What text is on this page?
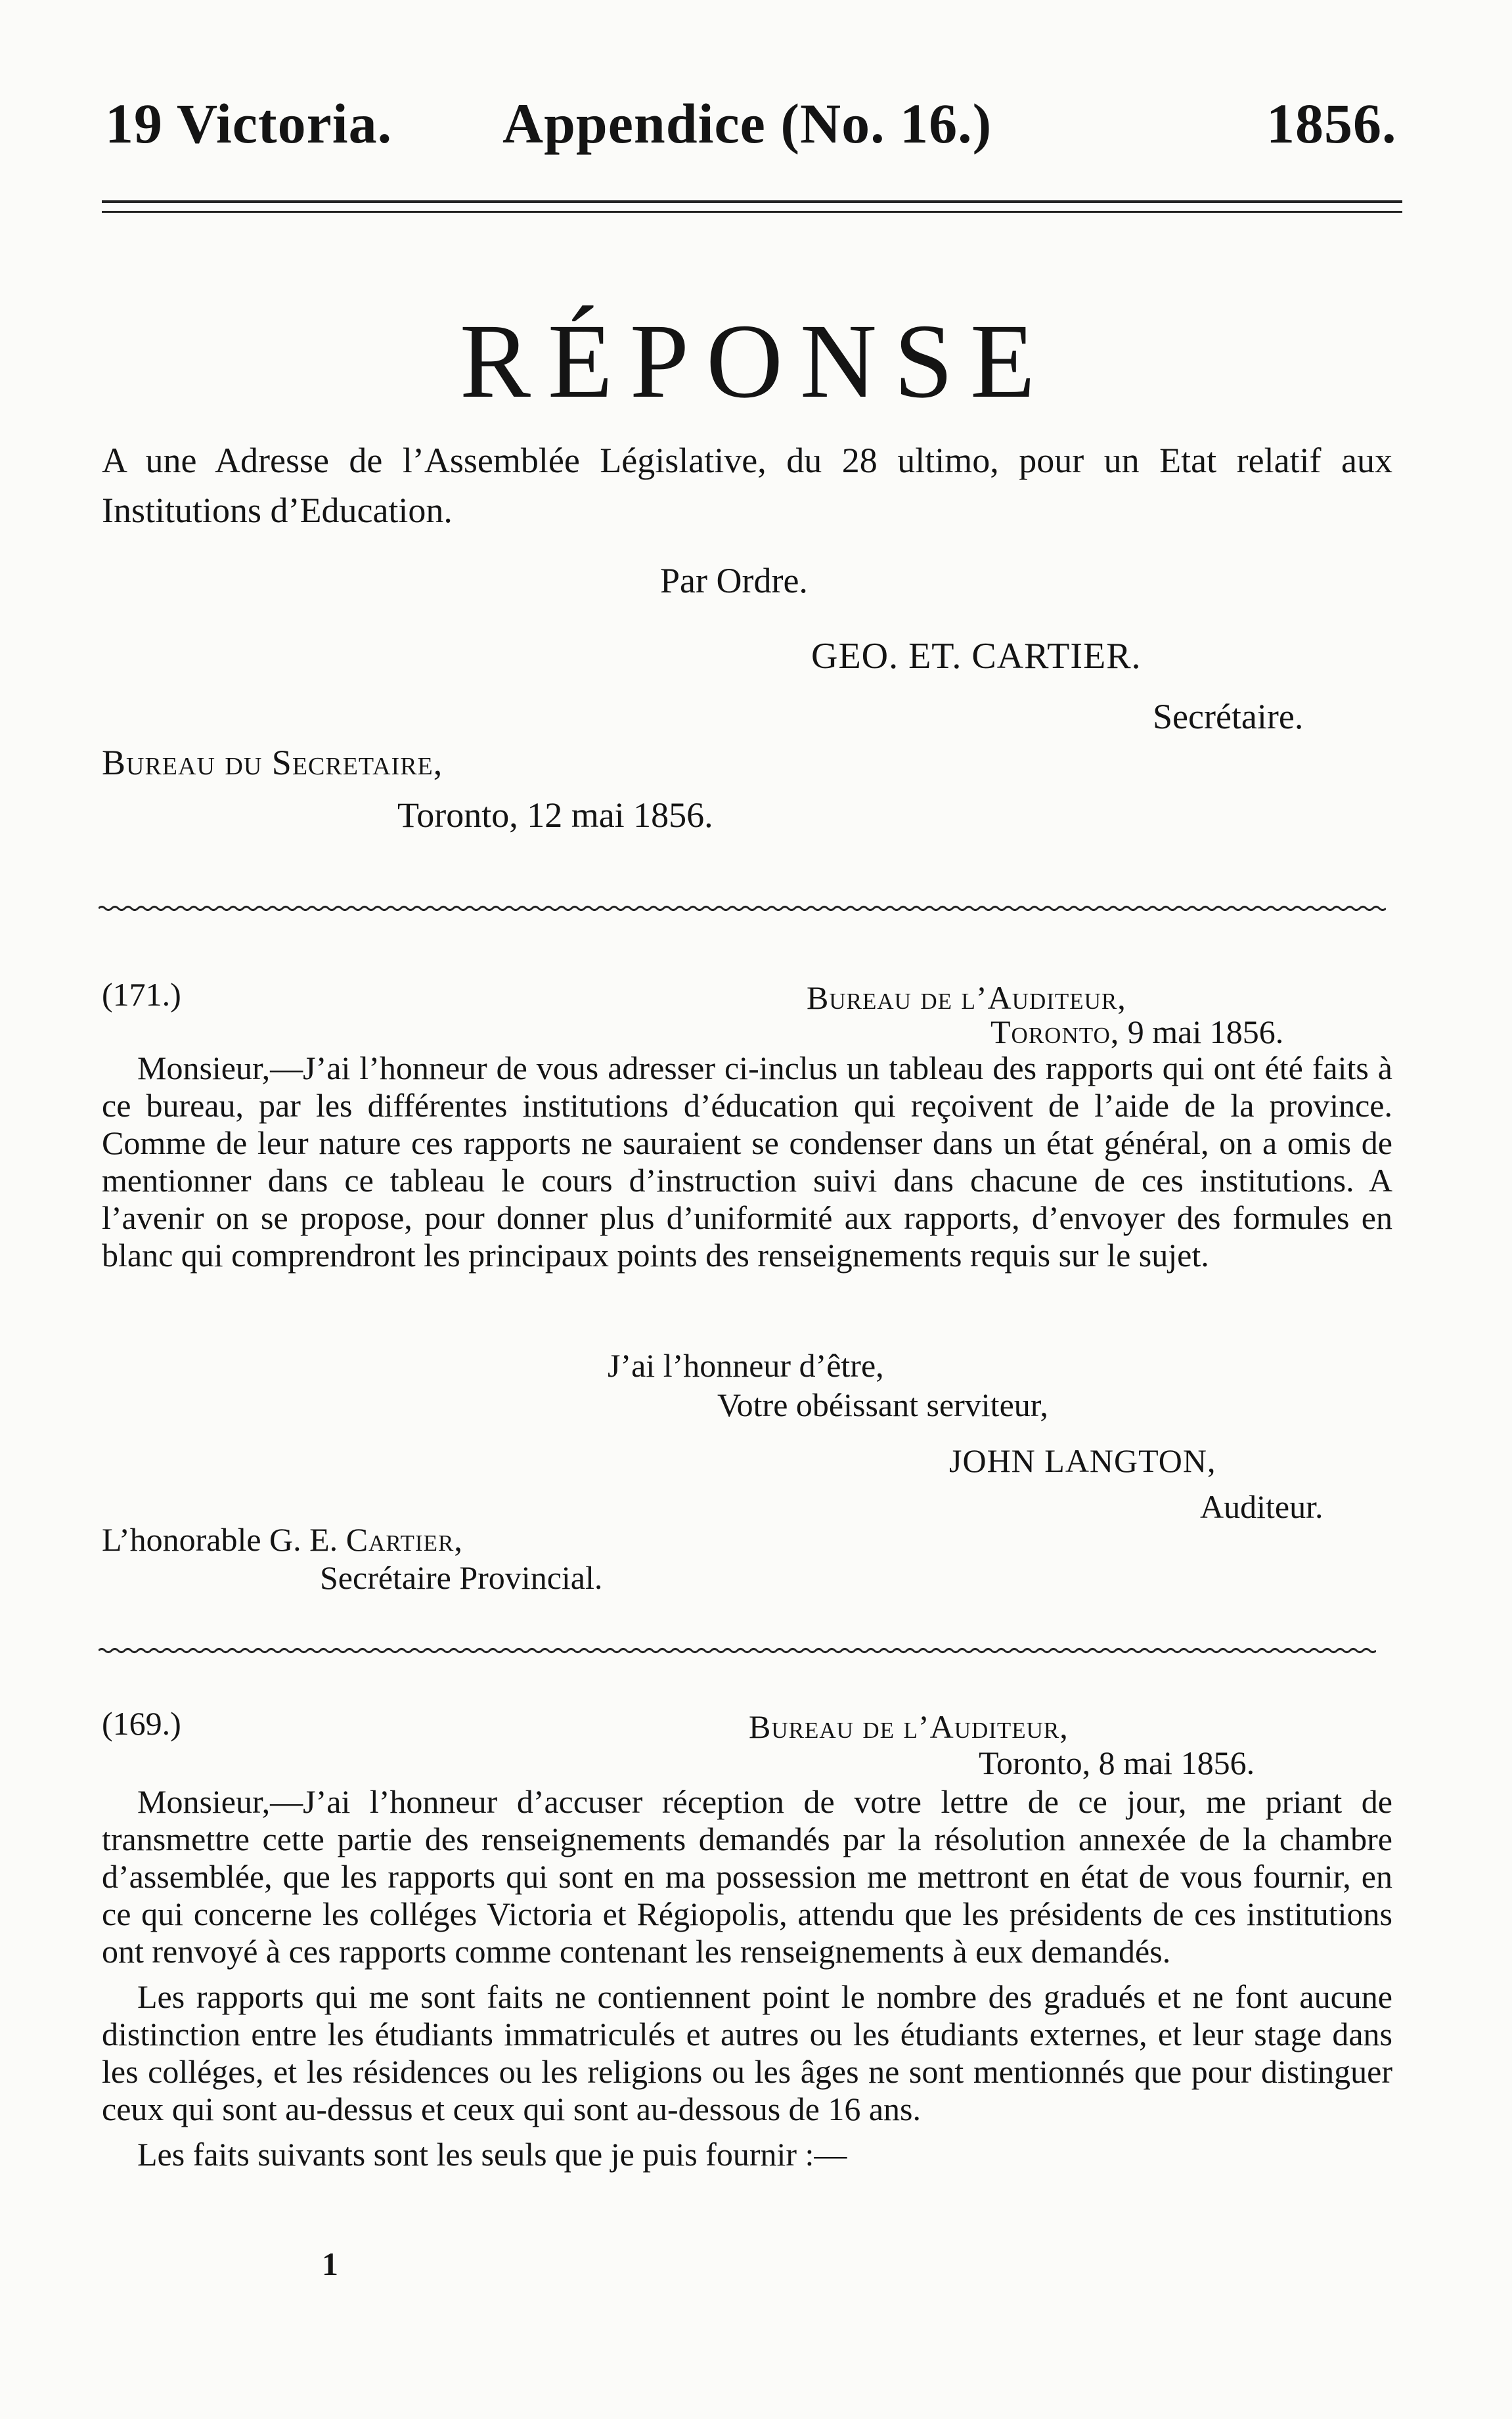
19 Victoria. Appendice (No. 16.)	1856.
RÉPONSE
A une Adresse de l’Assemblée Législative, du 28 ultimo, pour un Etat relatif aux Institutions d’Education.
Par Ordre.
GEO. ET. CARTIER.
Secrétaire.
Bureau du Secretaire,
Toronto, 12 mai 1856.
(171.)	Bureau de l’Auditeur,
Toronto, 9 mai 1856.

Monsieur,—J’ai l’honneur de vous adresser ci-inclus un tableau des rapports qui ont été faits à ce bureau, par les différentes institutions d’éducation qui reçoivent de l’aide de la province. Comme de leur nature ces rapports ne sauraient se condenser dans un état général, on a omis de mentionner dans ce tableau le cours d’instruction suivi dans chacune de ces institutions. A l’avenir on se propose, pour donner plus d’uniformité aux rapports, d’envoyer des formules en blanc qui comprendront les principaux points des renseignements requis sur le sujet.

J’ai l’honneur d’être,
Votre obéissant serviteur,
JOHN LANGTON,
Auditeur.
L’honorable G. E. Cartier,
Secrétaire Provincial.
(169.)	Bureau de l’Auditeur,
Toronto, 8 mai 1856.

Monsieur,—J’ai l’honneur d’accuser réception de votre lettre de ce jour, me priant de transmettre cette partie des renseignements demandés par la résolution annexée de la chambre d’assemblée, que les rapports qui sont en ma possession me mettront en état de vous fournir, en ce qui concerne les colléges Victoria et Régiopolis, attendu que les présidents de ces institutions ont renvoyé à ces rapports comme contenant les renseignements à eux demandés.

Les rapports qui me sont faits ne contiennent point le nombre des gradués et ne font aucune distinction entre les étudiants immatriculés et autres ou les étudiants externes, et leur stage dans les colléges, et les résidences ou les religions ou les âges ne sont mentionnés que pour distinguer ceux qui sont au-dessus et ceux qui sont au-dessous de 16 ans.

Les faits suivants sont les seuls que je puis fournir :—

1
